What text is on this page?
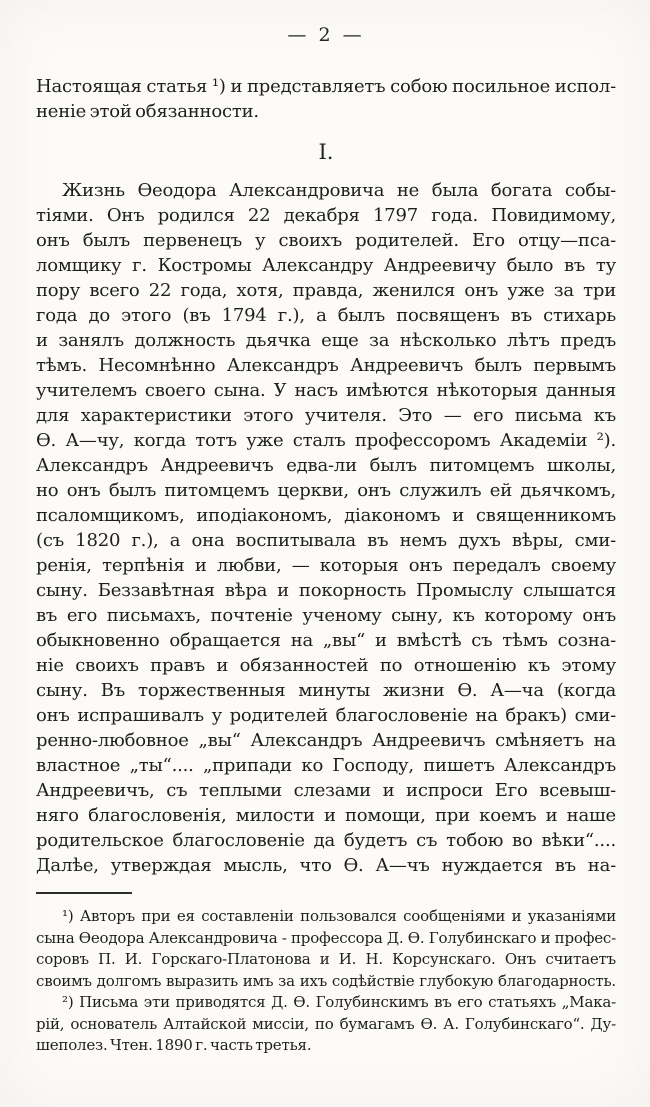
— 2 —
Настоящая статья ¹) и представляетъ собою посильное испол-
неніе этой обязанности.
I.
Жизнь Ѳеодора Александровича не была богата собы-
тіями. Онъ родился 22 декабря 1797 года. Повидимому,
онъ былъ первенецъ у своихъ родителей. Его отцу—пса-
ломщику г. Костромы Александру Андреевичу было въ ту
пору всего 22 года, хотя, правда, женился онъ уже за три
года до этого (въ 1794 г.), а былъ посвященъ въ стихарь
и занялъ должность дьячка еще за нѣсколько лѣтъ предъ
тѣмъ. Несомнѣнно Александръ Андреевичъ былъ первымъ
учителемъ своего сына. У насъ имѣются нѣкоторыя данныя
для характеристики этого учителя. Это — его письма къ
Ѳ. А—чу, когда тотъ уже сталъ профессоромъ Академіи ²).
Александръ Андреевичъ едва-ли былъ питомцемъ школы,
но онъ былъ питомцемъ церкви, онъ служилъ ей дьячкомъ,
псаломщикомъ, иподіакономъ, діакономъ и священникомъ
(съ 1820 г.), а она воспитывала въ немъ духъ вѣры, сми-
ренія, терпѣнія и любви, — которыя онъ передалъ своему
сыну. Беззавѣтная вѣра и покорность Промыслу слышатся
въ его письмахъ, почтеніе ученому сыну, къ которому онъ
обыкновенно обращается на „вы“ и вмѣстѣ съ тѣмъ созна-
ніе своихъ правъ и обязанностей по отношенію къ этому
сыну. Въ торжественныя минуты жизни Ѳ. А—ча (когда
онъ испрашивалъ у родителей благословеніе на бракъ) сми-
ренно-любовное „вы“ Александръ Андреевичъ смѣняетъ на
властное „ты“.... „припади ко Господу, пишетъ Александръ
Андреевичъ, съ теплыми слезами и испроси Его всевыш-
няго благословенія, милости и помощи, при коемъ и наше
родительское благословеніе да будетъ съ тобою во вѣки“....
Далѣе, утверждая мысль, что Ѳ. А—чъ нуждается въ на-
¹) Авторъ при ея составленіи пользовался сообщеніями и указаніями
сына Ѳеодора Александровича - профессора Д. Ѳ. Голубинскаго и профес-
соровъ П. И. Горскаго-Платонова и И. Н. Корсунскаго. Онъ считаетъ
своимъ долгомъ выразить имъ за ихъ содѣйствіе глубокую благодарность.
²) Письма эти приводятся Д. Ѳ. Голубинскимъ въ его статьяхъ „Мака-
рій, основатель Алтайской миссіи, по бумагамъ Ѳ. А. Голубинскаго“. Ду-
шеполез. Чтен. 1890 г. часть третья.
